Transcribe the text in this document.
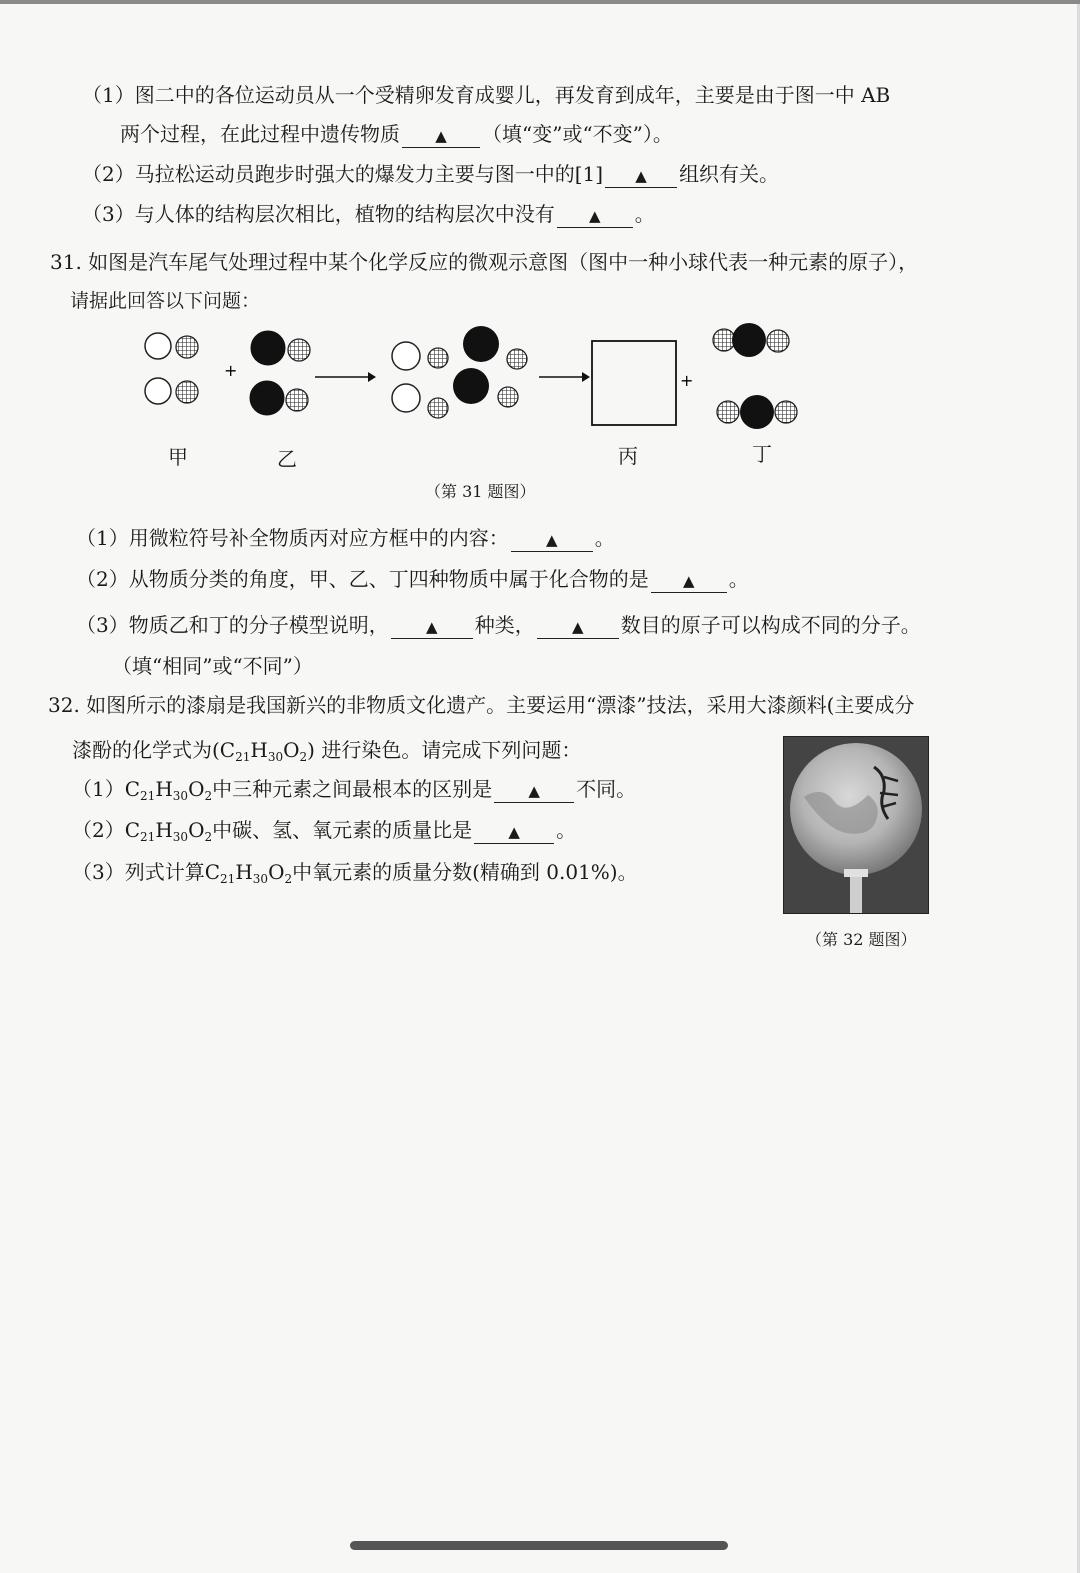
（1）图二中的各位运动员从一个受精卵发育成婴儿，再发育到成年，主要是由于图一中 AB
两个过程，在此过程中遗传物质 ▲ （填“变”或“不变”）。
（2）马拉松运动员跑步时强大的爆发力主要与图一中的[1] ▲ 组织有关。
（3）与人体的结构层次相比，植物的结构层次中没有 ▲ 。
31. 如图是汽车尾气处理过程中某个化学反应的微观示意图（图中一种小球代表一种元素的原子），
请据此回答以下问题：
+
+
甲	乙	丙	丁
（第 31 题图）
（1）用微粒符号补全物质丙对应方框中的内容： ▲ 。
（2）从物质分类的角度，甲、乙、丁四种物质中属于化合物的是 ▲ 。
（3）物质乙和丁的分子模型说明， ▲ 种类， ▲ 数目的原子可以构成不同的分子。
（填“相同”或“不同”）
32. 如图所示的漆扇是我国新兴的非物质文化遗产。主要运用“漂漆”技法，采用大漆颜料(主要成分
漆酚的化学式为$(C_{21}H_{30}O_2)$ 进行染色。请完成下列问题：
$(1)C_{21}H_{30}O_2$中三种元素之间最根本的区别是 ▲ 不同。
$(2)C_{21}H_{30}O_2$中碳、氢、氧元素的质量比是 ▲ 。
（3）列式计算$C_{21}H_{30}O_2$中氧元素的质量分数(精确到 0.01%)。
（第 32 题图）
